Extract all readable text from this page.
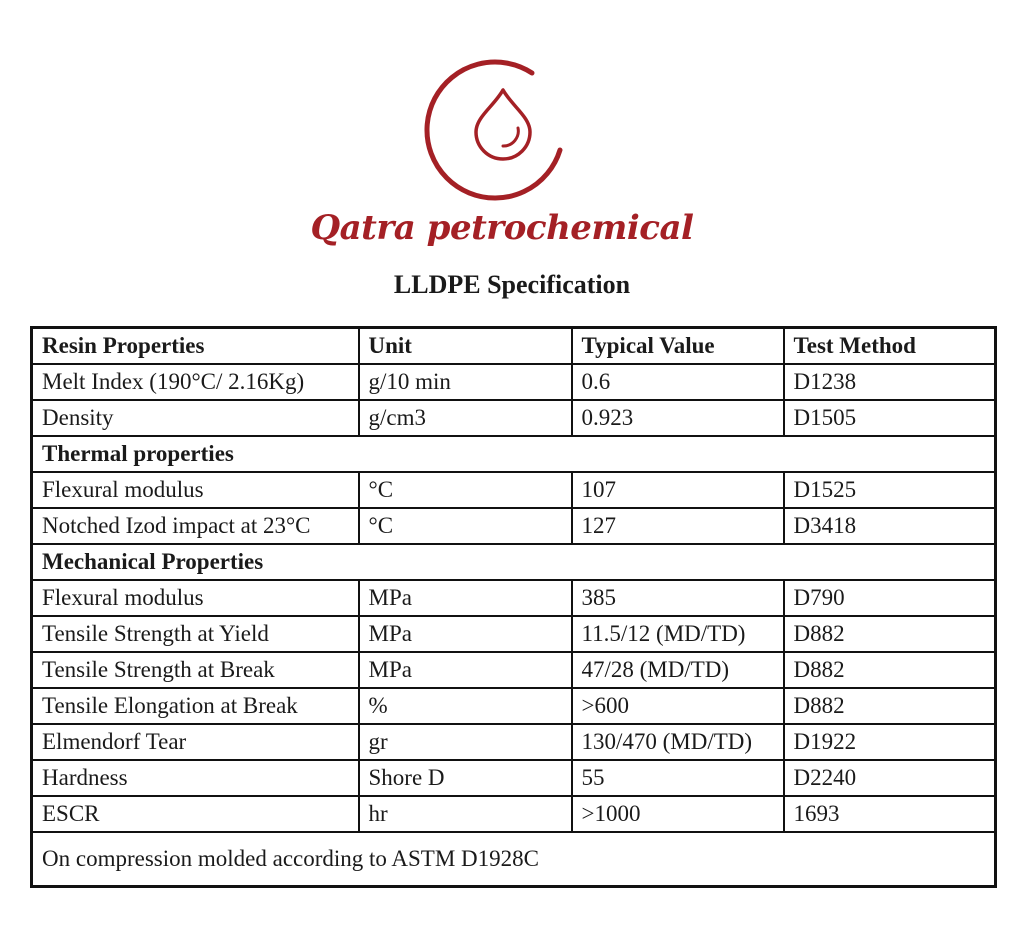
Qatra petrochemical
LLDPE Specification
Resin Properties	Unit	Typical Value	Test Method
Melt Index (190°C/ 2.16Kg)	g/10 min	0.6	D1238
Density	g/cm3	0.923	D1505
Thermal properties			
Flexural modulus	°C	107	D1525
Notched Izod impact at 23°C	°C	127	D3418
Mechanical Properties			
Flexural modulus	MPa	385	D790
Tensile Strength at Yield	MPa	11.5/12 (MD/TD)	D882
Tensile Strength at Break	MPa	47/28 (MD/TD)	D882
Tensile Elongation at Break	%	>600	D882
Elmendorf Tear	gr	130/470 (MD/TD)	D1922
Hardness	Shore D	55	D2240
ESCR	hr	>1000	1693
On compression molded according to ASTM D1928C			
